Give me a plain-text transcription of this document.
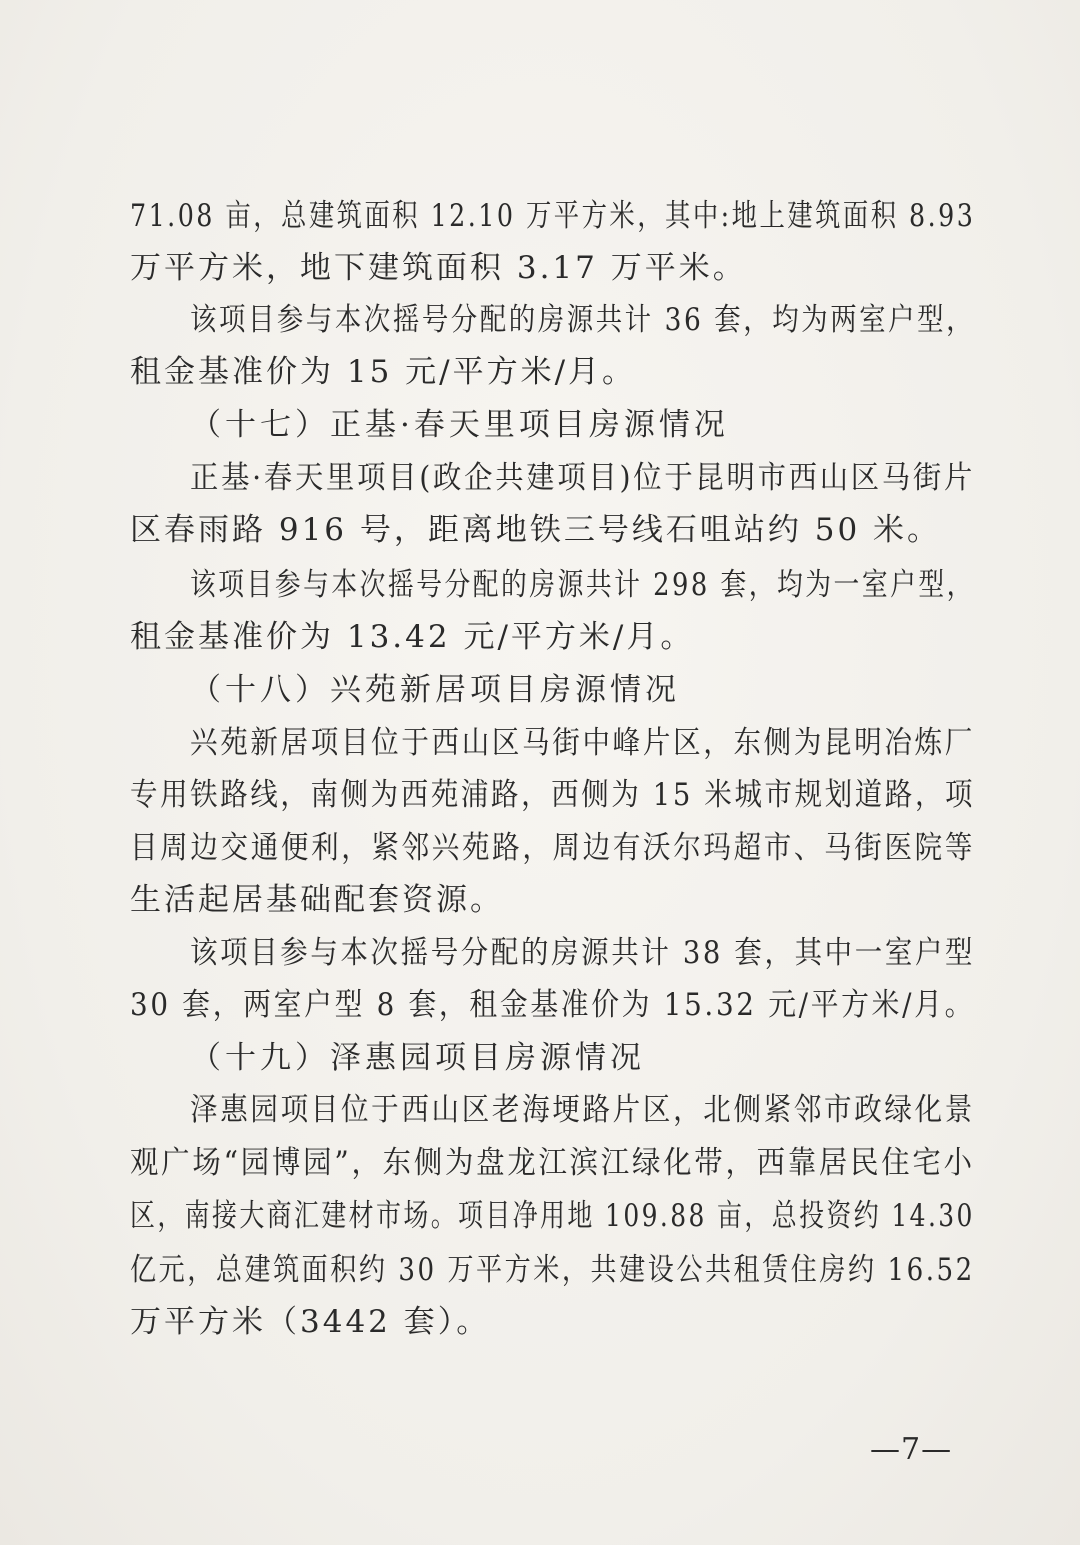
71.08 亩，总建筑面积 12.10 万平方米，其中:地上建筑面积 8.93
万平方米，地下建筑面积 3.17 万平米。
该项目参与本次摇号分配的房源共计 36 套，均为两室户型，
租金基准价为 15 元/平方米/月。
（十七）正基·春天里项目房源情况
正基·春天里项目(政企共建项目)位于昆明市西山区马街片
区春雨路 916 号，距离地铁三号线石咀站约 50 米。
该项目参与本次摇号分配的房源共计 298 套，均为一室户型，
租金基准价为 13.42 元/平方米/月。
（十八）兴苑新居项目房源情况
兴苑新居项目位于西山区马街中峰片区，东侧为昆明冶炼厂
专用铁路线，南侧为西苑浦路，西侧为 15 米城市规划道路，项
目周边交通便利，紧邻兴苑路，周边有沃尔玛超市、马街医院等
生活起居基础配套资源。
该项目参与本次摇号分配的房源共计 38 套，其中一室户型
30 套，两室户型 8 套，租金基准价为 15.32 元/平方米/月。
（十九）泽惠园项目房源情况
泽惠园项目位于西山区老海埂路片区，北侧紧邻市政绿化景
观广场“园博园”，东侧为盘龙江滨江绿化带，西靠居民住宅小
区，南接大商汇建材市场。项目净用地 109.88 亩，总投资约 14.30
亿元，总建筑面积约 30 万平方米，共建设公共租赁住房约 16.52
万平方米（3442 套）。
—7—
